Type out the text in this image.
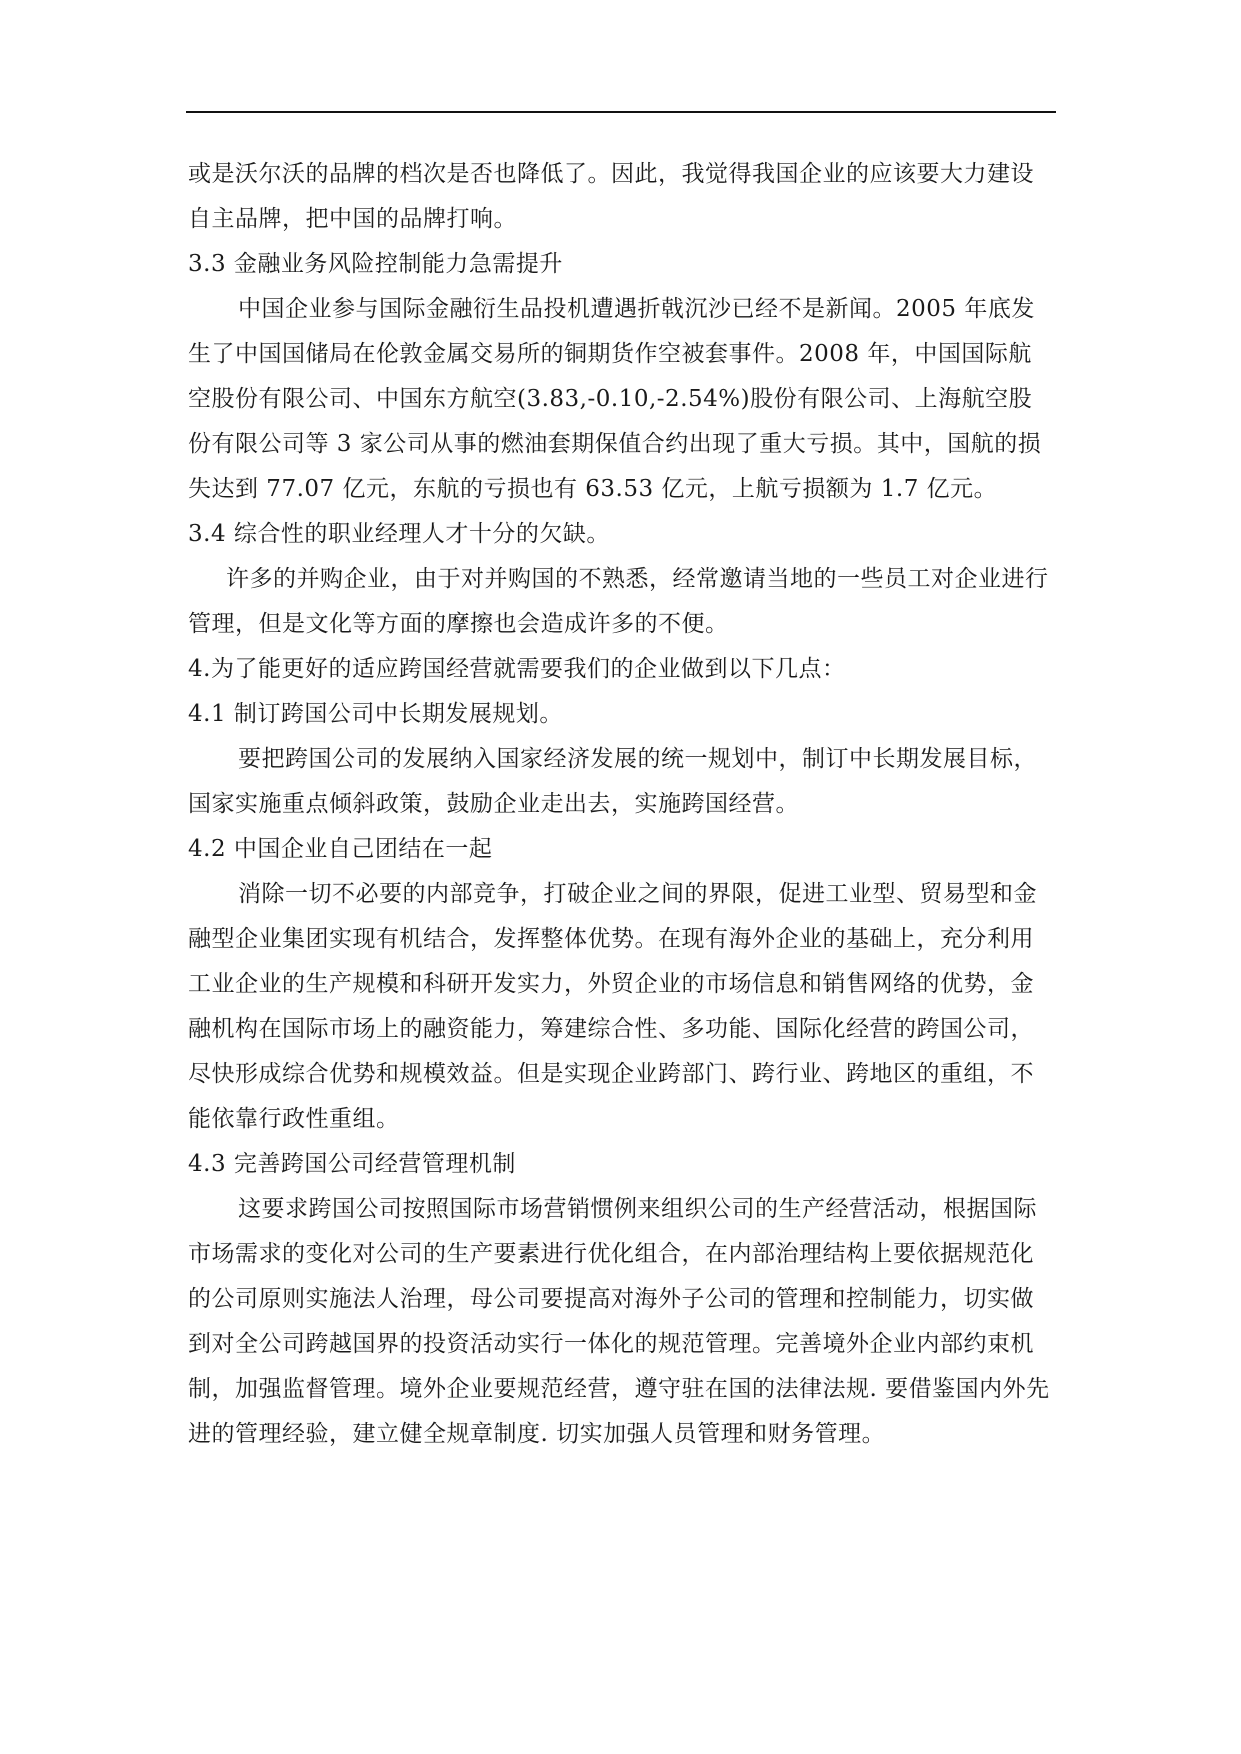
或是沃尔沃的品牌的档次是否也降低了。因此，我觉得我国企业的应该要大力建设自主品牌，把中国的品牌打响。

3.3 金融业务风险控制能力急需提升

中国企业参与国际金融衍生品投机遭遇折戟沉沙已经不是新闻。2005 年底发生了中国国储局在伦敦金属交易所的铜期货作空被套事件。2008 年，中国国际航空股份有限公司、中国东方航空(3.83,-0.10,-2.54%)股份有限公司、上海航空股份有限公司等 3 家公司从事的燃油套期保值合约出现了重大亏损。其中，国航的损失达到 77.07 亿元，东航的亏损也有 63.53 亿元，上航亏损额为 1.7 亿元。

3.4 综合性的职业经理人才十分的欠缺。

许多的并购企业，由于对并购国的不熟悉，经常邀请当地的一些员工对企业进行管理，但是文化等方面的摩擦也会造成许多的不便。

4.为了能更好的适应跨国经营就需要我们的企业做到以下几点：

4.1 制订跨国公司中长期发展规划。

要把跨国公司的发展纳入国家经济发展的统一规划中，制订中长期发展目标，国家实施重点倾斜政策，鼓励企业走出去，实施跨国经营。

4.2 中国企业自己团结在一起

消除一切不必要的内部竞争，打破企业之间的界限，促进工业型、贸易型和金融型企业集团实现有机结合，发挥整体优势。在现有海外企业的基础上，充分利用工业企业的生产规模和科研开发实力，外贸企业的市场信息和销售网络的优势，金融机构在国际市场上的融资能力，筹建综合性、多功能、国际化经营的跨国公司，尽快形成综合优势和规模效益。但是实现企业跨部门、跨行业、跨地区的重组，不能依靠行政性重组。

4.3 完善跨国公司经营管理机制

这要求跨国公司按照国际市场营销惯例来组织公司的生产经营活动，根据国际市场需求的变化对公司的生产要素进行优化组合，在内部治理结构上要依据规范化的公司原则实施法人治理，母公司要提高对海外子公司的管理和控制能力，切实做到对全公司跨越国界的投资活动实行一体化的规范管理。完善境外企业内部约束机制，加强监督管理。境外企业要规范经营，遵守驻在国的法律法规. 要借鉴国内外先进的管理经验，建立健全规章制度. 切实加强人员管理和财务管理。
